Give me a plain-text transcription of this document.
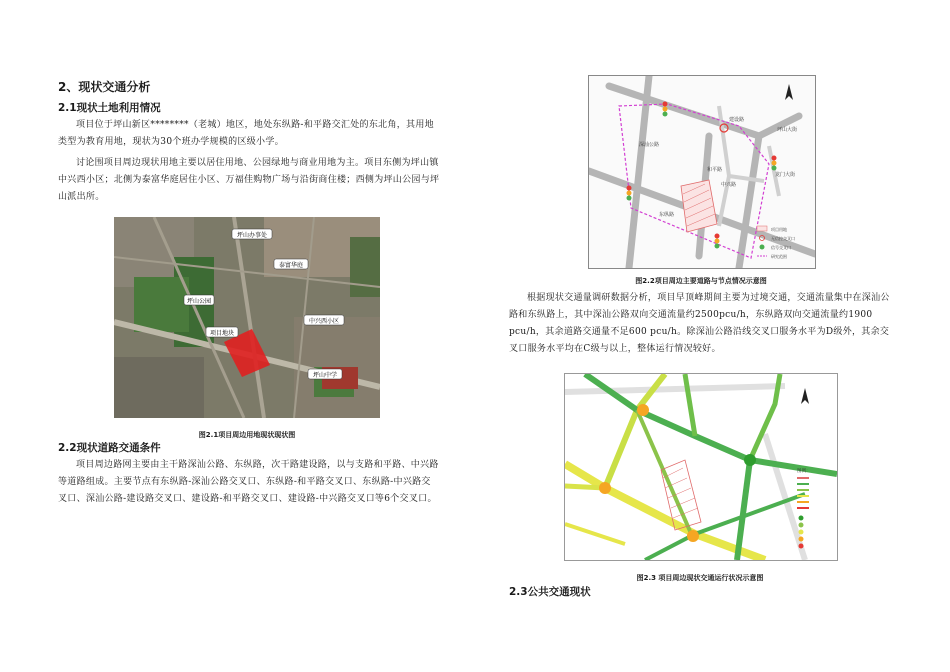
2、现状交通分析
2.1现状土地利用情况

项目位于坪山新区********（老城）地区，地处东纵路-和平路交汇处的东北角，其用地类型为教育用地，现状为30个班办学规模的区级小学。

讨论围项目周边现状用地主要以居住用地、公园绿地与商业用地为主。项目东侧为坪山镇中兴西小区；北侧为泰富华庭居住小区、万福佳购物广场与沿街商住楼；西侧为坪山公园与坪山派出所。

坪山办事处
泰富华庭
坪山公园
项目地块
中兴西小区
坪山中学
图2.1项目周边用地现状现状图
2.2现状道路交通条件

项目周边路网主要由主干路深汕公路、东纵路，次干路建设路，以与支路和平路、中兴路等道路组成。主要节点有东纵路-深汕公路交叉口、东纵路-和平路交叉口、东纵路-中兴路交叉口、深汕公路-建设路交叉口、建设路-和平路交叉口、建设路-中兴路交叉口等6个交叉口。

建设路
东纵路
和平路
深汕公路
中兴路
坪山大街
龙门大街
项目用地
无信控交叉口
信号交叉口
研究范围
图2.2项目周边主要道路与节点情况示意图

根据现状交通量调研数据分析，项目早顶峰期间主要为过境交通，交通流量集中在深汕公路和东纵路上，其中深汕公路双向交通流量约2500pcu/h，东纵路双向交通流量约1900 pcu/h，其余道路交通量不足600 pcu/h。除深汕公路沿线交叉口服务水平为D级外，其余交叉口服务水平均在C级与以上，整体运行情况较好。

图例：
图2.3 项目周边现状交通运行状况示意图
2.3公共交通现状
